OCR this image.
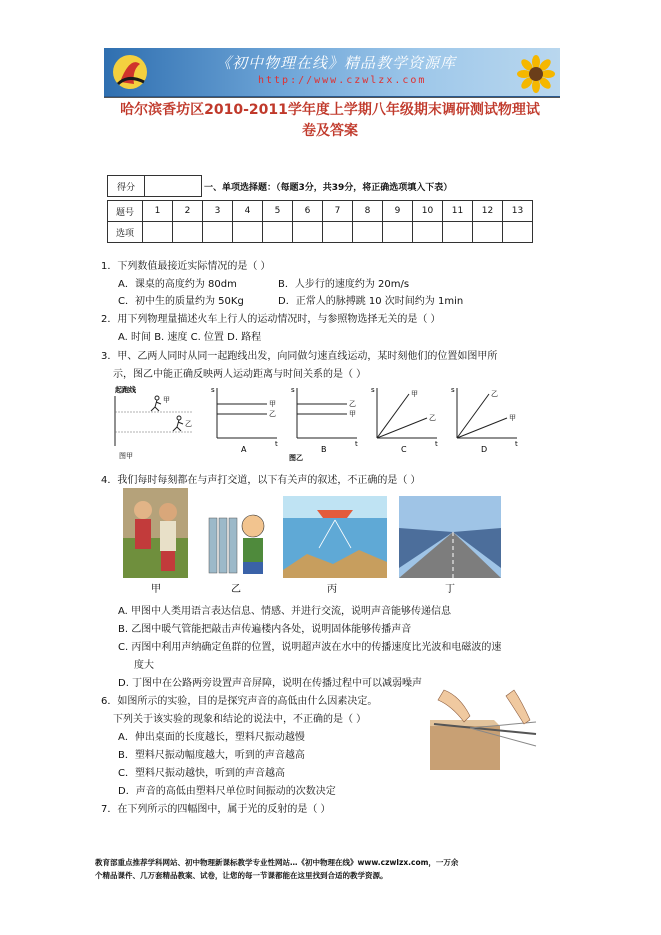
《初中物理在线》精品教学资源库
http://www.czwlzx.com
哈尔滨香坊区2010-2011学年度上学期八年级期末调研测试物理试
卷及答案
得分		一、单项选择题：（每题3分，共39分，将正确选项填入下表）
题号	1	2	3	4	5	6	7	8	9	10	11	12	13
选项													
1．下列数值最接近实际情况的是（ ）
A．课桌的高度约为 80dm	B．人步行的速度约为 20m/s
C．初中生的质量约为 50Kg	D．正常人的脉搏跳 10 次时间约为 1min
2．用下列物理量描述火车上行人的运动情况时，与参照物选择无关的是（ ）
A. 时间 B. 速度 C. 位置 D. 路程
3．甲、乙两人同时从同一起跑线出发，向同做匀速直线运动，某时刻他们的位置如图甲所
示，图乙中能正确反映两人运动距离与时间关系的是（ ）
起跑线
甲
乙
图甲
s
t
甲
乙
A
s
t
乙
甲
B
s
t
甲
乙
C
图乙
s
t
乙
甲
D
4．我们每时每刻都在与声打交道，以下有关声的叙述，不正确的是（ ）
甲	乙	丙	丁
A. 甲图中人类用语言表达信息、情感、并进行交流，说明声音能够传递信息
B. 乙图中暖气管能把敲击声传遍楼内各处，说明固体能够传播声音
C. 丙图中利用声纳确定鱼群的位置，说明超声波在水中的传播速度比光波和电磁波的速
度大
D. 丁图中在公路两旁设置声音屏障，说明在传播过程中可以减弱噪声
6．如图所示的实验，目的是探究声音的高低由什么因素决定。
下列关于该实验的现象和结论的说法中，不正确的是（ ）
A．伸出桌面的长度越长，塑料尺振动越慢
B．塑料尺振动幅度越大，听到的声音越高
C．塑料尺振动越快，听到的声音越高
D．声音的高低由塑料尺单位时间振动的次数决定
7．在下列所示的四幅图中，属于光的反射的是（ ）
教育部重点推荐学科网站、初中物理新课标教学专业性网站…《初中物理在线》www.czwlzx.com，一万余
个精品课件、几万套精品教案、试卷，让您的每一节课都能在这里找到合适的教学资源。
